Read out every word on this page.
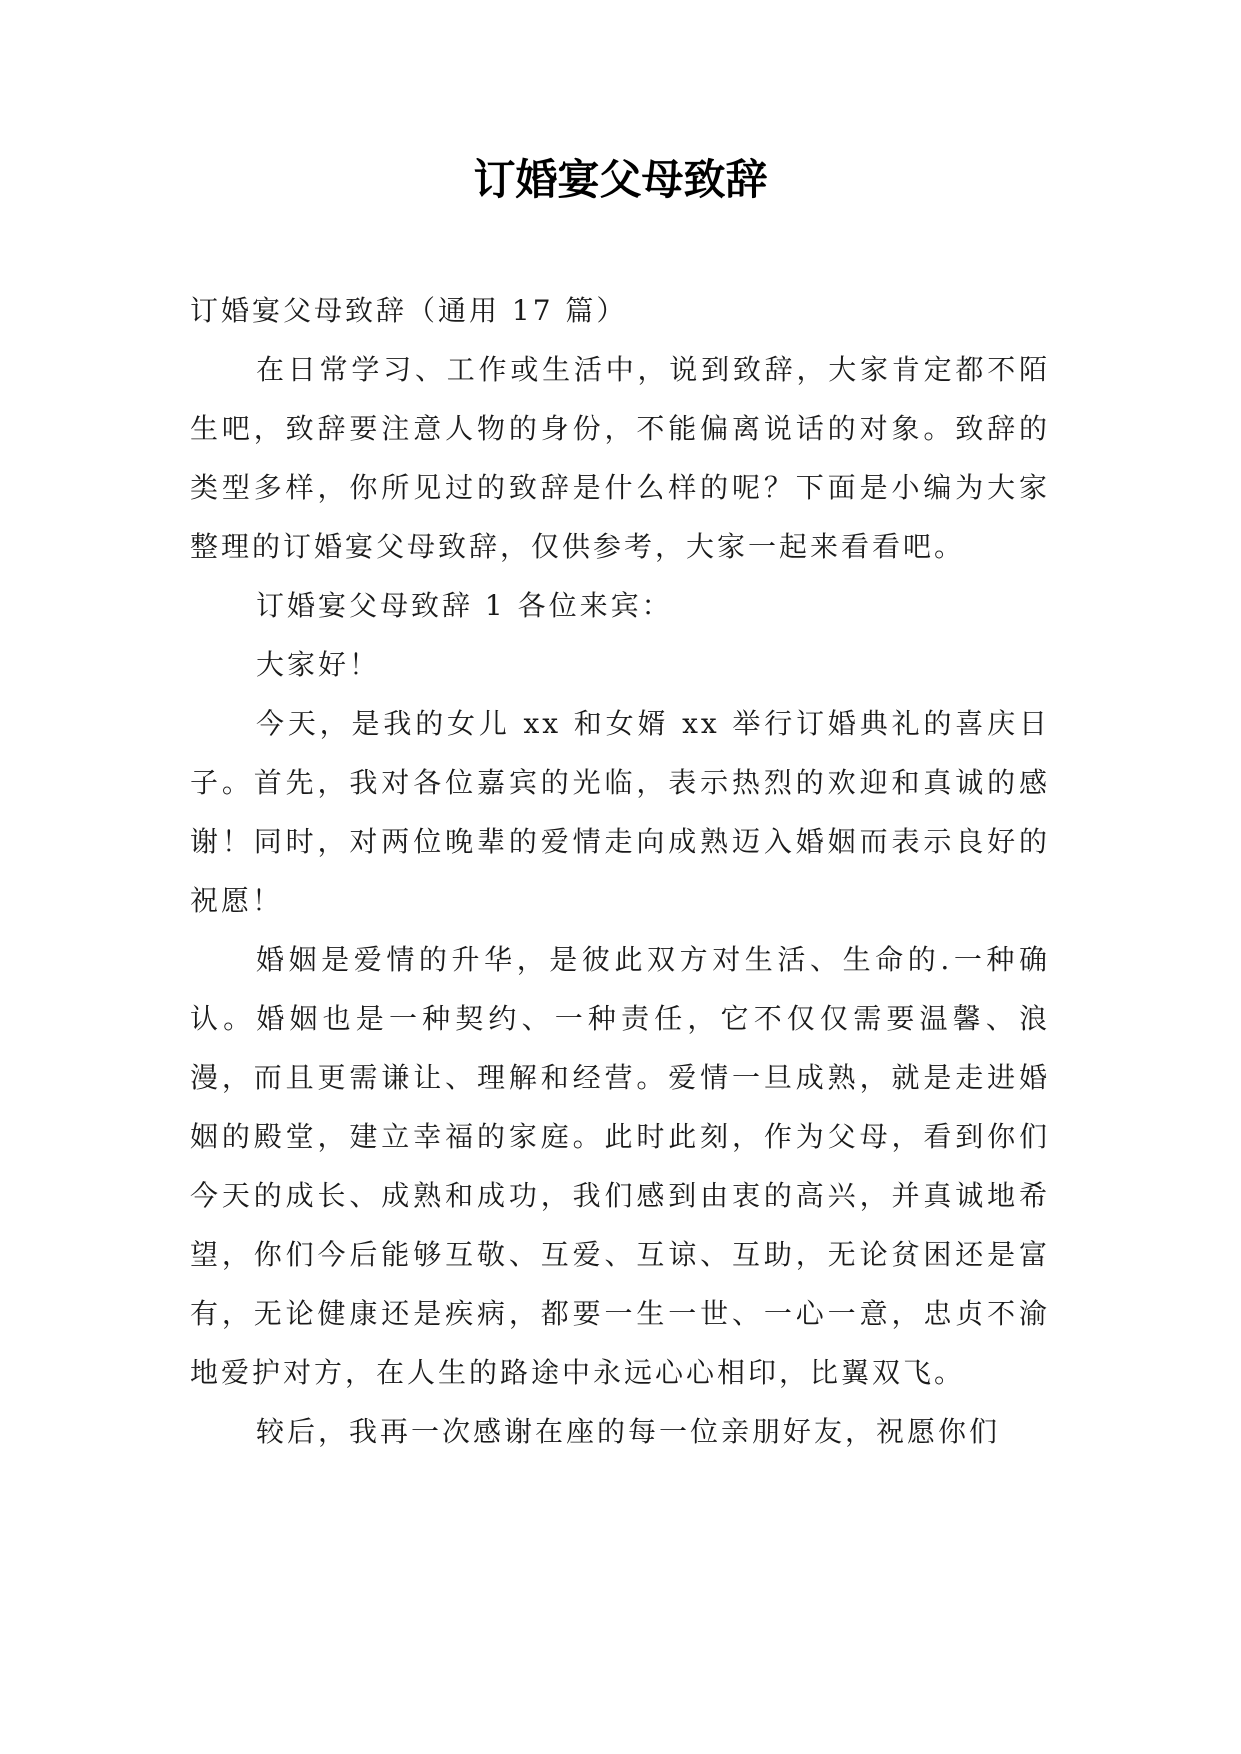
订婚宴父母致辞

订婚宴父母致辞（通用 17 篇）

在日常学习、工作或生活中，说到致辞，大家肯定都不陌生吧，致辞要注意人物的身份，不能偏离说话的对象。致辞的类型多样，你所见过的致辞是什么样的呢？下面是小编为大家整理的订婚宴父母致辞，仅供参考，大家一起来看看吧。

订婚宴父母致辞 1 各位来宾：

大家好！

今天，是我的女儿 xx 和女婿 xx 举行订婚典礼的喜庆日子。首先，我对各位嘉宾的光临，表示热烈的欢迎和真诚的感谢！同时，对两位晚辈的爱情走向成熟迈入婚姻而表示良好的祝愿！

婚姻是爱情的升华，是彼此双方对生活、生命的.一种确认。婚姻也是一种契约、一种责任，它不仅仅需要温馨、浪漫，而且更需谦让、理解和经营。爱情一旦成熟，就是走进婚姻的殿堂，建立幸福的家庭。此时此刻，作为父母，看到你们今天的成长、成熟和成功，我们感到由衷的高兴，并真诚地希望，你们今后能够互敬、互爱、互谅、互助，无论贫困还是富有，无论健康还是疾病，都要一生一世、一心一意，忠贞不渝地爱护对方，在人生的路途中永远心心相印，比翼双飞。

较后，我再一次感谢在座的每一位亲朋好友，祝愿你们
